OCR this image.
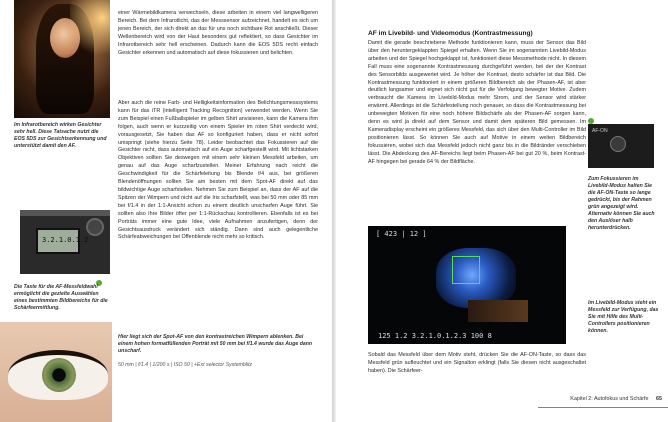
Im Infrarotbereich wirken Gesichter sehr hell. Diese Tatsache nutzt die EOS 5DS zur Gesichtserkennung und unterstützt damit den AF.
3.2.1.0.1.2
Die Taste für die AF-Messfeldwahl ermöglicht die gezielte Auswählen eines bestimmten Bildbereichs für die Schärfeermittlung.
einer Wärmebildkamera verwechseln, diese arbeiten in einem viel langwelligeren Bereich. Bei dem Infrarotlicht, das der Messsensor aufzeichnet, handelt es sich um jenen Bereich, der sich direkt an das für uns noch sichtbare Rot anschließt. Dieser Wellenbereich wird von der Haut besonders gut reflektiert, so dass Gesichter im Infrarotbereich sehr hell erscheinen. Dadurch kann die EOS 5DS recht einfach Gesichter erkennen und automatisch auf diese fokussieren und belichten.
Aber auch die reine Farb- und Helligkeitsinformation des Belichtungsmesssystems kann für das iTR (intelligent Tracking Recognition) verwendet werden. Wenn Sie zum Beispiel einen Fußballspieler im gelben Shirt anvisieren, kann die Kamera ihm folgen, auch wenn er kurzzeitig von einem Spieler im roten Shirt verdeckt wird, vorausgesetzt, Sie haben das AF so konfiguriert haben, dass er nicht sofort umspringt (siehe hierzu Seite 78). Leider beobachtet das Fokussieren auf die Gesichter nicht, dass automatisch auf ein Auge scharfgestellt wird. Mit lichtstarken Objektiven sollten Sie deswegen mit einem sehr kleinen Messfeld arbeiten, um genau auf das Auge scharfzustellen. Meiner Erfahrung nach reicht die Geschwindigkeit für die Schärfeleitung bis Blende f/4 aus, bei größeren Blendenöffnungen sollten Sie am besten mit dem Spot-AF direkt auf das bildwichtige Auge scharfstellen. Nehmen Sie zum Beispiel an, dass der AF auf die Spitzen der Wimpern und nicht auf die Iris scharfstellt, was bei 50 mm oder 85 mm bei f/1.4 in der 1:1-Ansicht schon zu einem deutlich unscharfen Auge führt. Sie sollten also Ihre Bilder öfter per 1:1-Rückschau kontrollieren. Ebenfalls ist es bei Porträts immer eine gute Idee, viele Aufnahmen anzufertigen, denn der Gesichtsausdruck verändert sich ständig. Dann sind auch gelegentliche Schärfeabweichungen bei Offenblende nicht mehr so kritisch.
Hier liegt sich der Spot-AF von den kontrastreichen Wimpern ablenken. Bei einem hohen formatfüllenden Porträt mit 50 mm bei f/1.4 wurde das Auge dann unscharf.
50 mm | f/1.4 | 1/200 s | ISO 50 | +Ext selector Systemblitz
AF im Livebild- und Videomodus (Kontrastmessung)
Damit die gerade beschriebene Methode funktionieren kann, muss der Sensor das Bild über den heruntergeklappten Spiegel erhalten. Wenn Sie im sogenannten Livebild-Modus arbeiten und der Spiegel hochgeklappt ist, funktioniert diese Messmethode nicht. In diesem Fall muss eine sogenannte Kontrastmessung durchgeführt werden, bei der der Kontrast des Sensorbilds ausgewertet wird. Je höher der Kontrast, desto schärfer ist das Bild. Die Kontrastmessung funktioniert in einem größeren Bildbereich als der Phasen-AF, ist aber deutlich langsamer und eignet sich nicht gut für die Verfolgung bewegter Motive. Zudem verbraucht die Kamera im Livebild-Modus mehr Strom, und der Sensor wird stärker erwärmt. Allerdings ist die Schärfestellung noch genauer, so dass die Kontrastmessung bei unbewegten Motiven für eine noch höhere Bildschärfe als der Phasen-AF sorgen kann, denn es wird ja direkt auf dem Sensor und damit dem späteren Bild gemessen. Im Kameradisplay erscheint ein größeres Messfeld, das sich über den Multi-Controller im Bild positionieren lässt. So können Sie auch auf Motive in einem weiten Bildbereich fokussieren, wobei sich das Messfeld jedoch nicht ganz bis in die Bildränder verschieben lässt. Die Abdeckung des AF-Bereichs liegt beim Phasen-AF bei gut 20 %, beim Kontrast-AF hingegen bei gerade 64 % der Bildfläche.
[ 423 | 12 ]
125 1.2 3.2.1.0.1.2.3 100 8
Sobald das Messfeld über dem Motiv steht, drücken Sie die AF-ON-Taste, so dass das Messfeld grün aufleuchtet und ein Signalton erklingt (falls Sie diesen nicht ausgeschaltet haben). Die Schärfeer-
AF-ON
Zum Fokussieren im Livebild-Modus halten Sie die AF-ON-Taste so lange gedrückt, bis der Rahmen grün angezeigt wird. Alternativ können Sie auch den Auslöser halb herunterdrücken.
Im Livebild-Modus steht ein Messfeld zur Verfügung, das Sie mit Hilfe des Multi-Controllers positionieren können.
Kapitel 2: Autofokus und Schärfe 65
